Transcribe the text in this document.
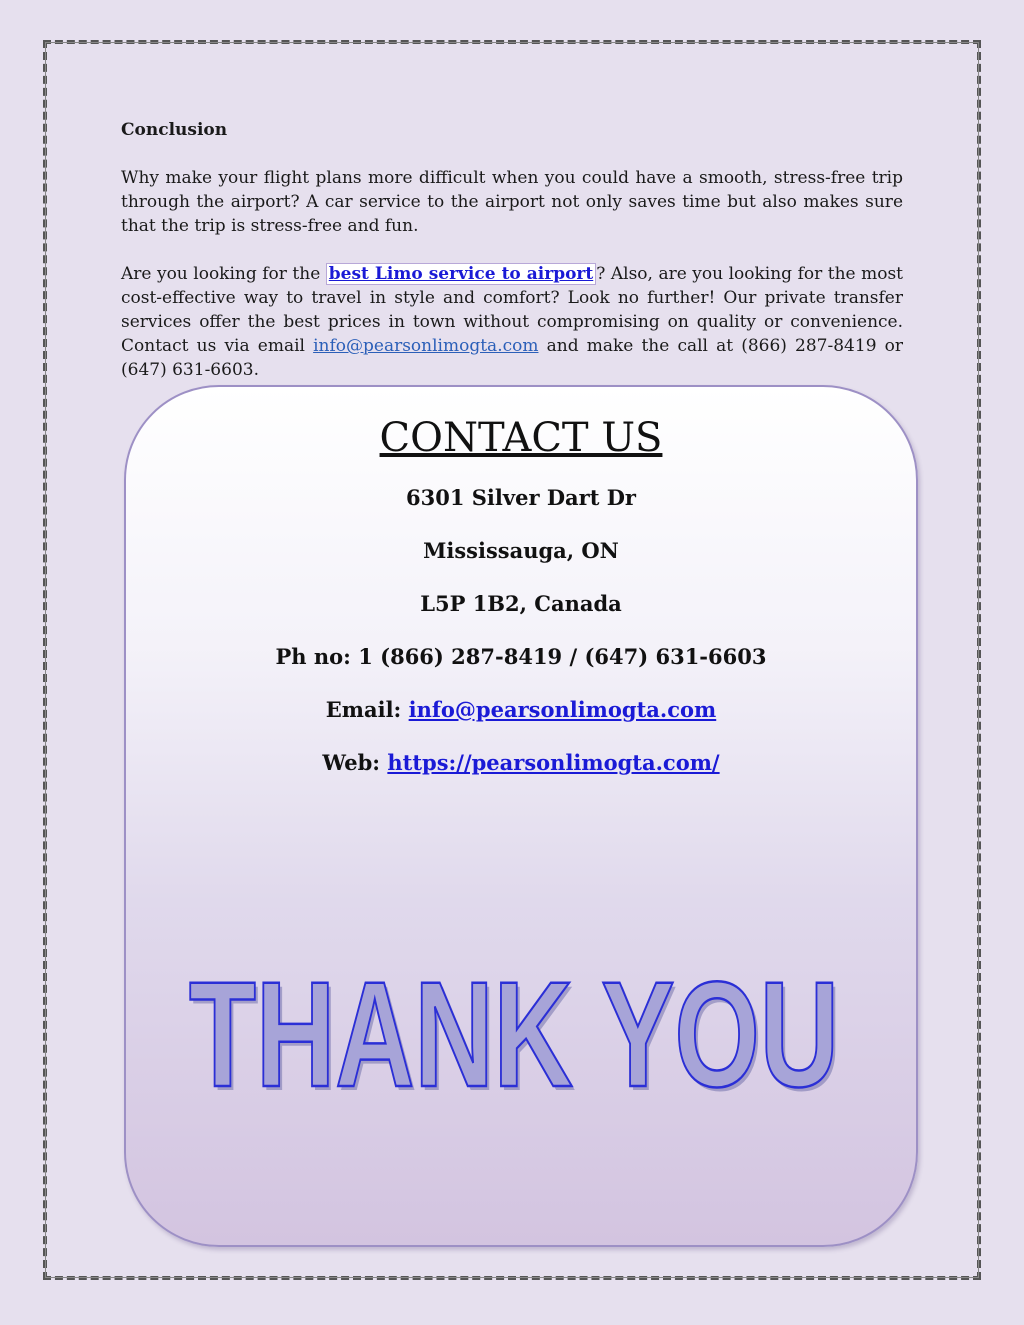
Conclusion

Why make your flight plans more difficult when you could have a smooth, stress-free trip through the airport? A car service to the airport not only saves time but also makes sure that the trip is stress-free and fun.

Are you looking for the best Limo service to airport ? Also, are you looking for the most cost-effective way to travel in style and comfort? Look no further! Our private transfer services offer the best prices in town without compromising on quality or convenience. Contact us via email info@pearsonlimogta.com and make the call at (866) 287-8419 or (647) 631-6603.

CONTACT US
6301 Silver Dart Dr
Mississauga, ON
L5P 1B2, Canada
Ph no: 1 (866) 287-8419 / (647) 631-6603
Email: info@pearsonlimogta.com
Web: https://pearsonlimogta.com/
THANK YOU
THANK YOU
